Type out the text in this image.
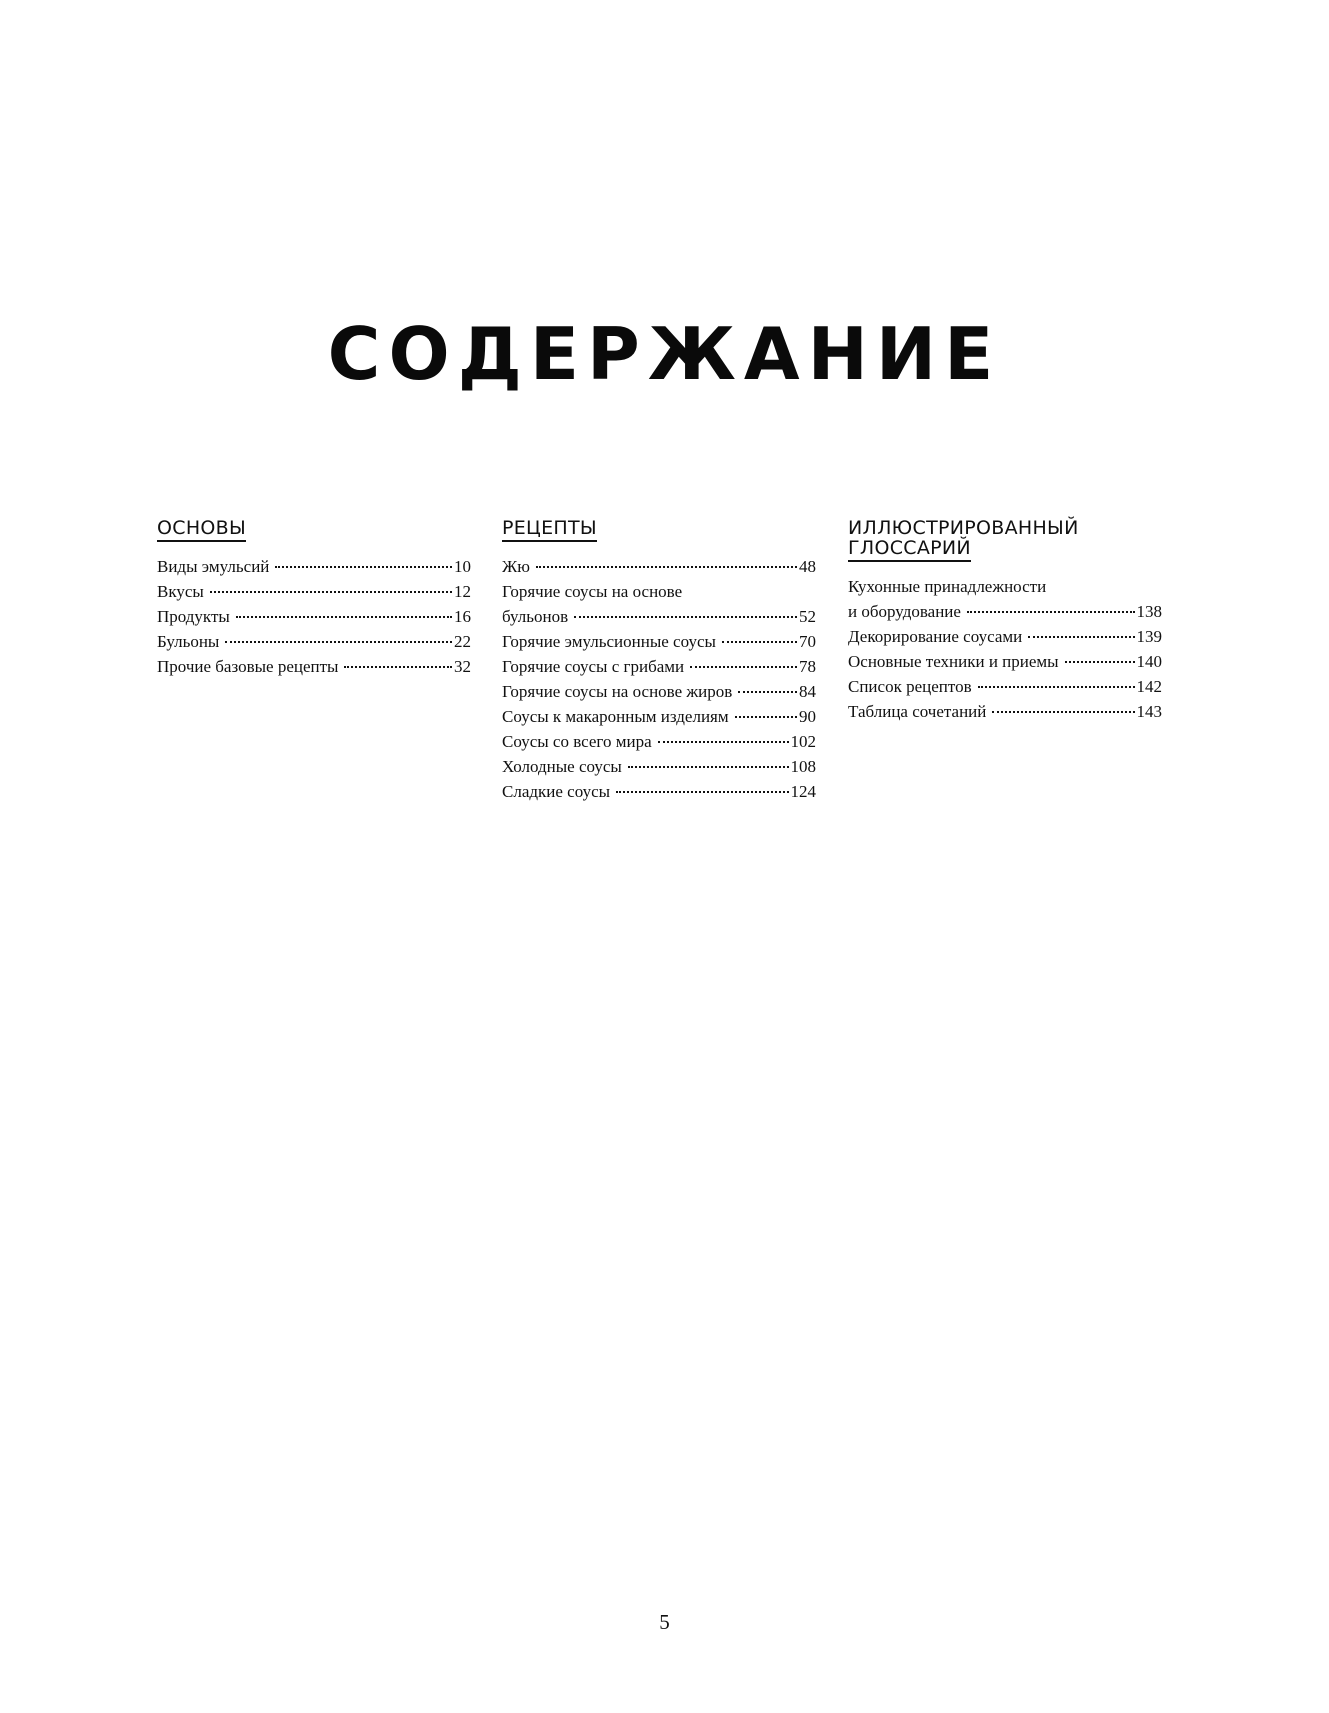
СОДЕРЖАНИЕ
ОСНОВЫ
Виды эмульсий	10
Вкусы	12
Продукты	16
Бульоны	22
Прочие базовые рецепты	32
РЕЦЕПТЫ
Жю	48
Горячие соусы на основе
бульонов	52
Горячие эмульсионные соусы	70
Горячие соусы с грибами	78
Горячие соусы на основе жиров	84
Соусы к макаронным изделиям	90
Соусы со всего мира	102
Холодные соусы	108
Сладкие соусы	124
ИЛЛЮСТРИРОВАННЫЙ
ГЛОССАРИЙ
Кухонные принадлежности
и оборудование	138
Декорирование соусами	139
Основные техники и приемы	140
Список рецептов	142
Таблица сочетаний	143
5
